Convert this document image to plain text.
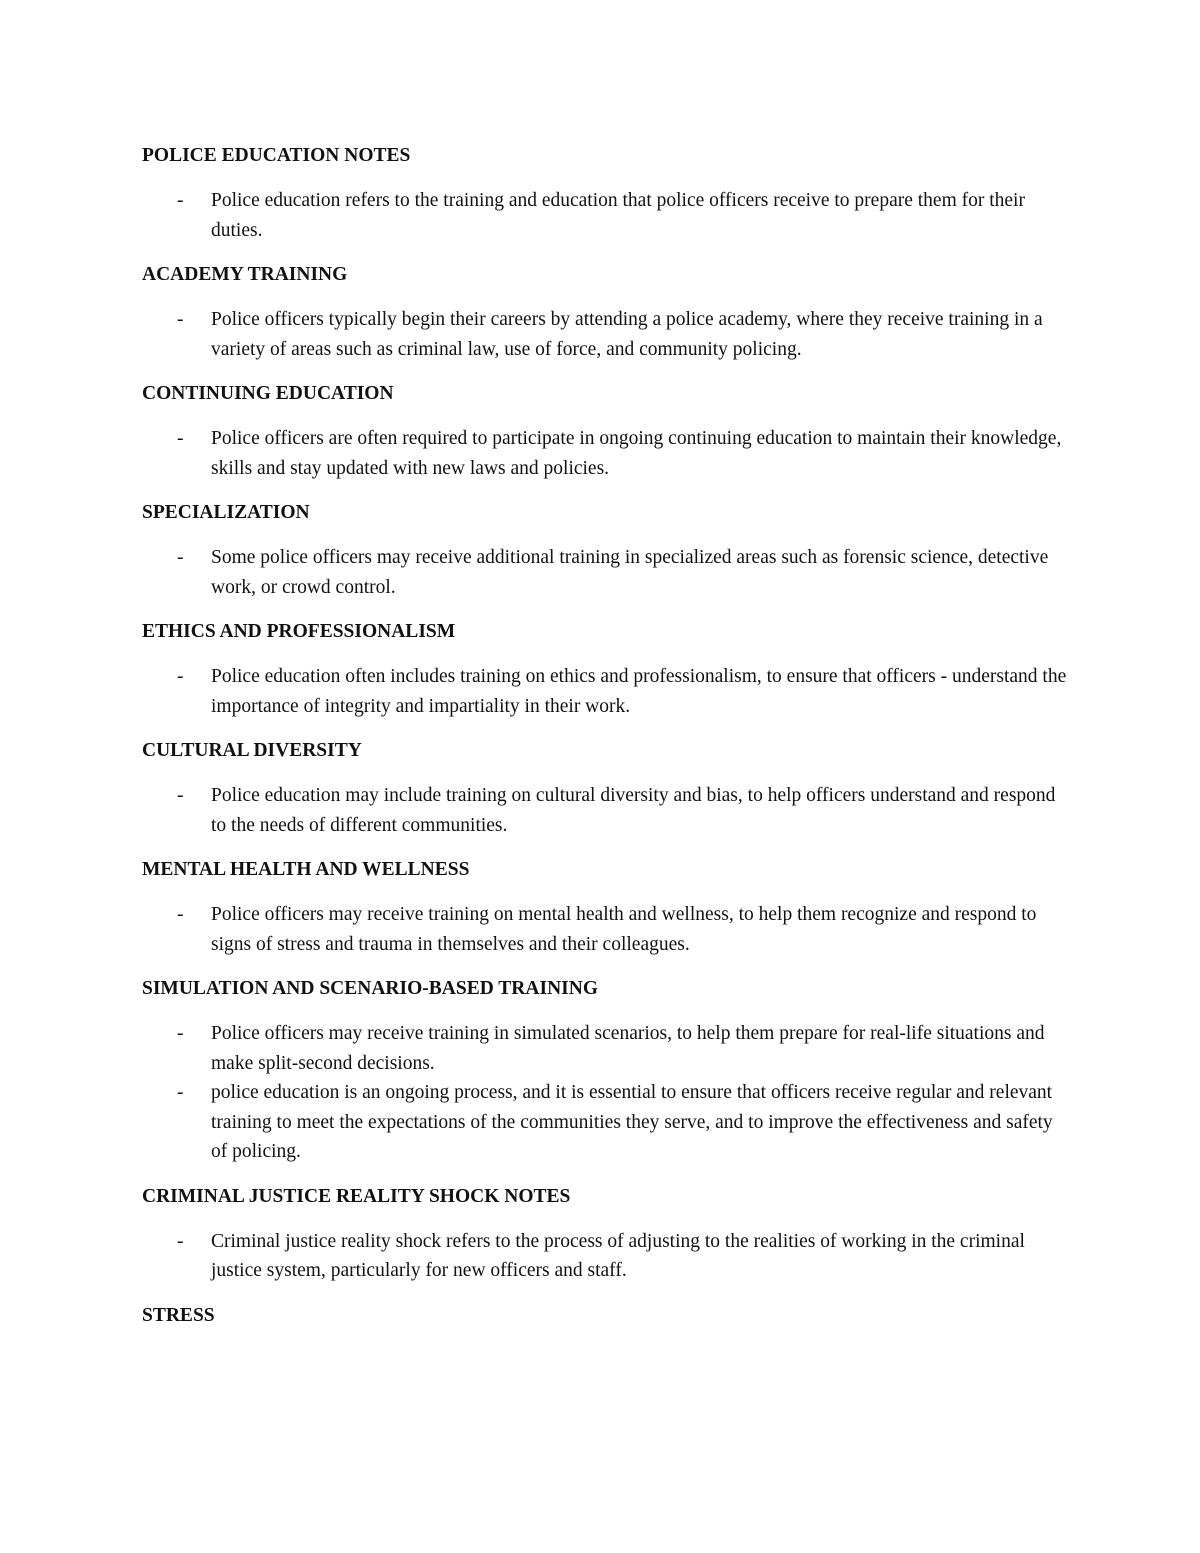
POLICE EDUCATION NOTES
- Police education refers to the training and education that police officers receive to prepare them for their duties.
ACADEMY TRAINING
- Police officers typically begin their careers by attending a police academy, where they receive training in a variety of areas such as criminal law, use of force, and community policing.
CONTINUING EDUCATION
- Police officers are often required to participate in ongoing continuing education to maintain their knowledge, skills and stay updated with new laws and policies.
SPECIALIZATION
- Some police officers may receive additional training in specialized areas such as forensic science, detective work, or crowd control.
ETHICS AND PROFESSIONALISM
- Police education often includes training on ethics and professionalism, to ensure that officers - understand the importance of integrity and impartiality in their work.
CULTURAL DIVERSITY
- Police education may include training on cultural diversity and bias, to help officers understand and respond to the needs of different communities.
MENTAL HEALTH AND WELLNESS
- Police officers may receive training on mental health and wellness, to help them recognize and respond to signs of stress and trauma in themselves and their colleagues.
SIMULATION AND SCENARIO-BASED TRAINING
- Police officers may receive training in simulated scenarios, to help them prepare for real-life situations and make split-second decisions.
- police education is an ongoing process, and it is essential to ensure that officers receive regular and relevant training to meet the expectations of the communities they serve, and to improve the effectiveness and safety of policing.
CRIMINAL JUSTICE REALITY SHOCK NOTES
- Criminal justice reality shock refers to the process of adjusting to the realities of working in the criminal justice system, particularly for new officers and staff.
STRESS
